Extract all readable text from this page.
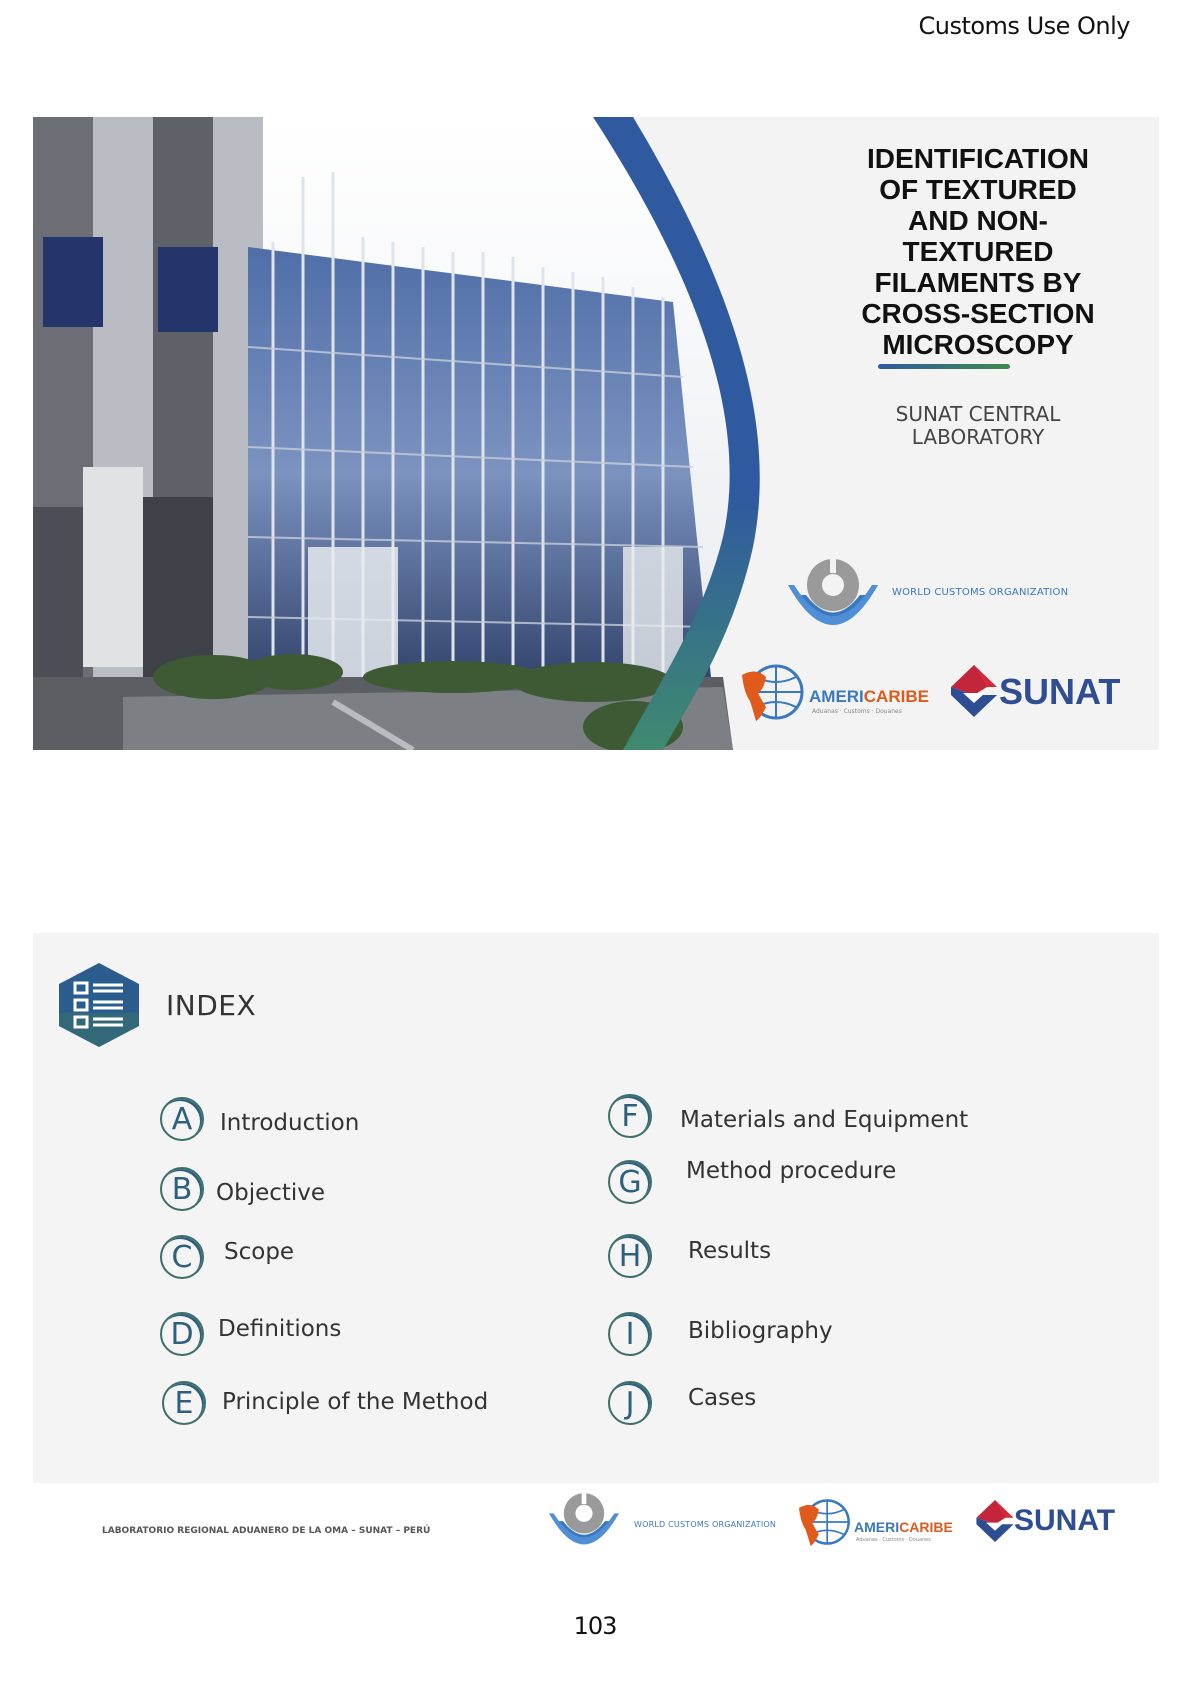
Customs Use Only
IDENTIFICATION
OF TEXTURED
AND NON-
TEXTURED
FILAMENTS BY
CROSS-SECTION
MICROSCOPY
SUNAT CENTRAL
LABORATORY
WORLD CUSTOMS ORGANIZATION
AMERICARIBE
Aduanas · Customs · Douanes	SUNAT
INDEX
A	Introduction
B	Objective
C	Scope
D	Definitions
E	Principle of the Method
F	Materials and Equipment
G	Method procedure
H	Results
I	Bibliography
J	Cases
LABORATORIO REGIONAL ADUANERO DE LA OMA – SUNAT – PERÚ
WORLD CUSTOMS ORGANIZATION	AMERICARIBE
Aduanas · Customs · Douanes
SUNAT
103
